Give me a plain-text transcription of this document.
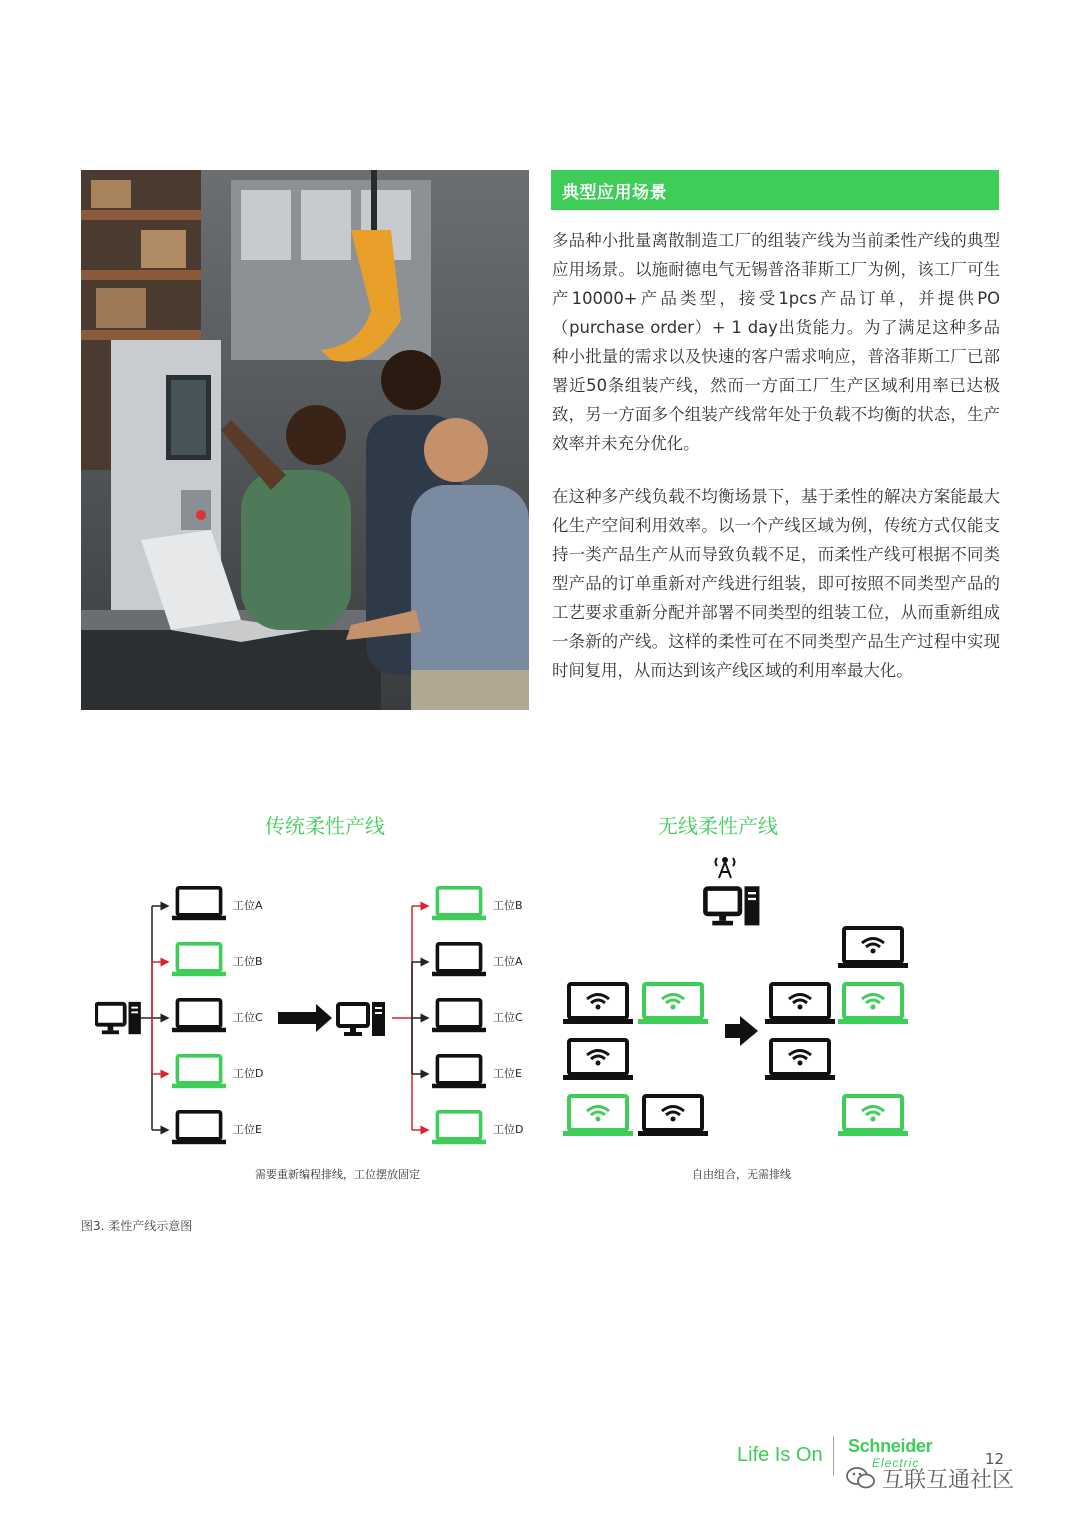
典型应用场景

多品种小批量离散制造工厂的组装产线为当前柔性产线的典型应用场景。以施耐德电气无锡普洛菲斯工厂为例，该工厂可生产10000+产品类型，接受1pcs产品订单，并提供PO（purchase order）+ 1 day出货能力。为了满足这种多品种小批量的需求以及快速的客户需求响应，普洛菲斯工厂已部署近50条组装产线，然而一方面工厂生产区域利用率已达极致，另一方面多个组装产线常年处于负载不均衡的状态，生产效率并未充分优化。

在这种多产线负载不均衡场景下，基于柔性的解决方案能最大化生产空间利用效率。以一个产线区域为例，传统方式仅能支持一类产品生产从而导致负载不足，而柔性产线可根据不同类型产品的订单重新对产线进行组装，即可按照不同类型产品的工艺要求重新分配并部署不同类型的组装工位，从而重新组成一条新的产线。这样的柔性可在不同类型产品生产过程中实现时间复用，从而达到该产线区域的利用率最大化。

传统柔性产线	无线柔性产线
工位A
工位B
工位C
工位D
工位E
工位B
工位A
工位C
工位E
工位D
需要重新编程排线，工位摆放固定	自由组合，无需排线
图3. 柔性产线示意图
Life Is On Schneider
Electric	12
互联互通社区
